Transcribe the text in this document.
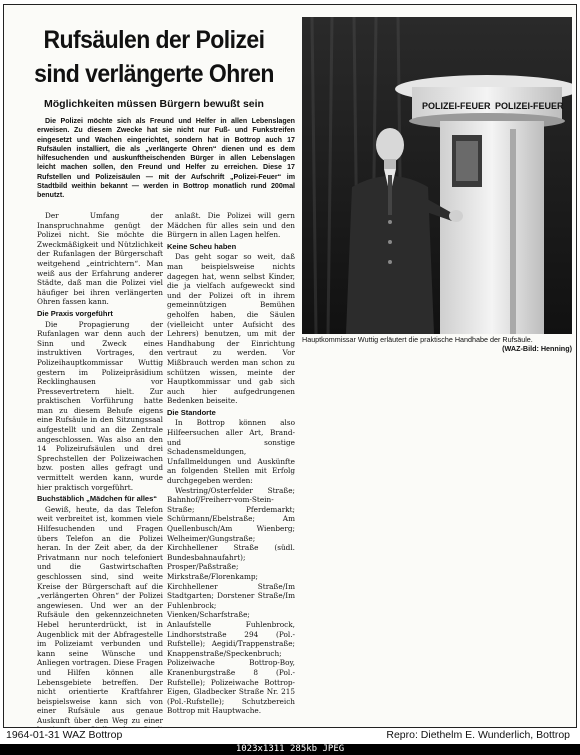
Rufsäulen der Polizei
sind verlängerte Ohren
Möglichkeiten müssen Bürgern bewußt sein
Die Polizei möchte sich als Freund und Helfer in allen Lebenslagen erweisen. Zu diesem Zwecke hat sie nicht nur Fuß- und Funkstreifen eingesetzt und Wachen eingerichtet, sondern hat in Bottrop auch 17 Rufsäulen installiert, die als „verlängerte Ohren“ dienen und es dem hilfesuchenden und auskunftheischenden Bürger in allen Lebenslagen leicht machen sollen, den Freund und Helfer zu erreichen. Diese 17 Rufstellen und Polizeisäulen — mit der Aufschrift „Polizei-Feuer“ im Stadtbild weithin bekannt — werden in Bottrop monatlich rund 200mal benutzt.

Der Umfang der Inanspruchnahme genügt der Polizei nicht. Sie möchte die Zweckmäßigkeit und Nützlichkeit der Rufanlagen der Bürgerschaft weitgehend „eintrichtern“. Man weiß aus der Erfahrung anderer Städte, daß man die Polizei viel häufiger bei ihren verlängerten Ohren fassen kann.

Die Praxis vorgeführt

Die Propagierung der Rufanlagen war denn auch der Sinn und Zweck eines instruktiven Vortrages, den Polizeihauptkommissar Wuttig gestern im Polizeipräsidium Recklinghausen vor Pressevertretern hielt. Zur praktischen Vorführung hatte man zu diesem Behufe eigens eine Rufsäule in den Sitzungssaal aufgestellt und an die Zentrale angeschlossen. Was also an den 14 Polizeirufsäulen und drei Sprechstellen der Polizeiwachen bzw. posten alles gefragt und vermittelt werden kann, wurde hier praktisch vorgeführt.

Buchstäblich „Mädchen für alles“

Gewiß, heute, da das Telefon weit verbreitet ist, kommen viele Hilfesuchenden und Fragen übers Telefon an die Polizei heran. In der Zeit aber, da der Privatmann nur noch telefoniert und die Gastwirtschaften geschlossen sind, sind weite Kreise der Bürgerschaft auf die „verlängerten Ohren“ der Polizei angewiesen. Und wer an der Rufsäule den gekennzeichneten Hebel herunterdrückt, ist in Augenblick mit der Abfragestelle im Polizeiamt verbunden und kann seine Wünsche und Anliegen vortragen. Diese Fragen und Hilfen können alle Lebensgebiete betreffen. Der nicht orientierte Kraftfahrer beispielsweise kann sich von einer Rufsäule aus genaue Auskunft über den Weg zu einer

anlaßt. Die Polizei will gern Mädchen für alles sein und den Bürgern in allen Lagen helfen.

Keine Scheu haben

Das geht sogar so weit, daß man beispielsweise nichts dagegen hat, wenn selbst Kinder, die ja vielfach aufgeweckt sind und der Polizei oft in ihrem gemeinnützigen Bemühen geholfen haben, die Säulen (vielleicht unter Aufsicht des Lehrers) benutzen, um mit der Handhabung der Einrichtung vertraut zu werden. Vor Mißbrauch werden man schon zu schützen wissen, meinte der Hauptkommissar und gab sich auch hier aufgedrungenen Bedenken beiseite.

Die Standorte

In Bottrop können also Hilfeersuchen aller Art, Brand- und sonstige Schadensmeldungen, Unfallmeldungen und Auskünfte an folgenden Stellen mit Erfolg durchgegeben werden:

Westring/Osterfelder Straße; Bahnhof/Freiherr-vom-Stein-Straße; Pferdemarkt; Schürmann/Ebelstraße; Am Quellenbusch/Am Wienberg; Welheimer/Gungstraße; Kirchhellener Straße (südl. Bundesbahnaufahrt); Prosper/Paßstraße; Mirkstraße/Florenkamp; Kirchhellener Straße/Im Stadtgarten; Dorstener Straße/Im Fuhlenbrock; Vienken/Scharfstraße; Anlaufstelle Fuhlenbrock, Lindhorststraße 294 (Pol.-Rufstelle); Aegidi/Trappenstraße; Knappenstraße/Speckenbruch; Polizeiwache Bottrop-Boy, Kranenburgstraße 8 (Pol.-Rufstelle); Polizeiwache Bottrop-Eigen, Gladbecker Straße Nr. 215 (Pol.-Rufstelle); Schutzbereich Bottrop mit Hauptwache.

POLIZEI-FEUER POLIZEI-FEUER
Hauptkommissar Wuttig erläutert die praktische Handhabe der Rufsäule.
(WAZ-Bild: Henning)
1964-01-31 WAZ Bottrop	Repro: Diethelm E. Wunderlich, Bottrop
1023x1311 285kb JPEG
